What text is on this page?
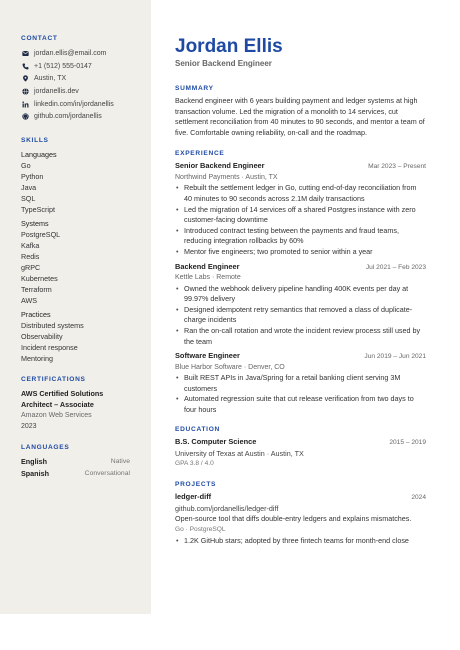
CONTACT
jordan.ellis@email.com
+1 (512) 555-0147
Austin, TX
jordanellis.dev
linkedin.com/in/jordanellis
github.com/jordanellis
SKILLS
Languages
Go
Python
Java
SQL
TypeScript
Systems
PostgreSQL
Kafka
Redis
gRPC
Kubernetes
Terraform
AWS
Practices
Distributed systems
Observability
Incident response
Mentoring
CERTIFICATIONS
AWS Certified Solutions
Architect – Associate
Amazon Web Services
2023
LANGUAGES
English	Native
Spanish	Conversational
Jordan Ellis
Senior Backend Engineer
SUMMARY

Backend engineer with 6 years building payment and ledger systems at high transaction volume. Led the migration of a monolith to 14 services, cut settlement reconciliation from 40 minutes to 90 seconds, and mentor a team of five. Comfortable owning reliability, on-call and the roadmap.

EXPERIENCE
Senior Backend Engineer	Mar 2023 – Present
Northwind Payments · Austin, TX
• Rebuilt the settlement ledger in Go, cutting end-of-day reconciliation from 40 minutes to 90 seconds across 2.1M daily transactions
• Led the migration of 14 services off a shared Postgres instance with zero customer-facing downtime
• Introduced contract testing between the payments and fraud teams, reducing integration rollbacks by 60%
• Mentor five engineers; two promoted to senior within a year
Backend Engineer	Jul 2021 – Feb 2023
Kettle Labs · Remote
• Owned the webhook delivery pipeline handling 400K events per day at 99.97% delivery
• Designed idempotent retry semantics that removed a class of duplicate-charge incidents
• Ran the on-call rotation and wrote the incident review process still used by the team
Software Engineer	Jun 2019 – Jun 2021
Blue Harbor Software · Denver, CO
• Built REST APIs in Java/Spring for a retail banking client serving 3M customers
• Automated regression suite that cut release verification from two days to four hours
EDUCATION
B.S. Computer Science	2015 – 2019
University of Texas at Austin · Austin, TX
GPA 3.8 / 4.0
PROJECTS
ledger-diff	2024
github.com/jordanellis/ledger-diff
Open-source tool that diffs double-entry ledgers and explains mismatches.
Go · PostgreSQL
• 1.2K GitHub stars; adopted by three fintech teams for month-end close
